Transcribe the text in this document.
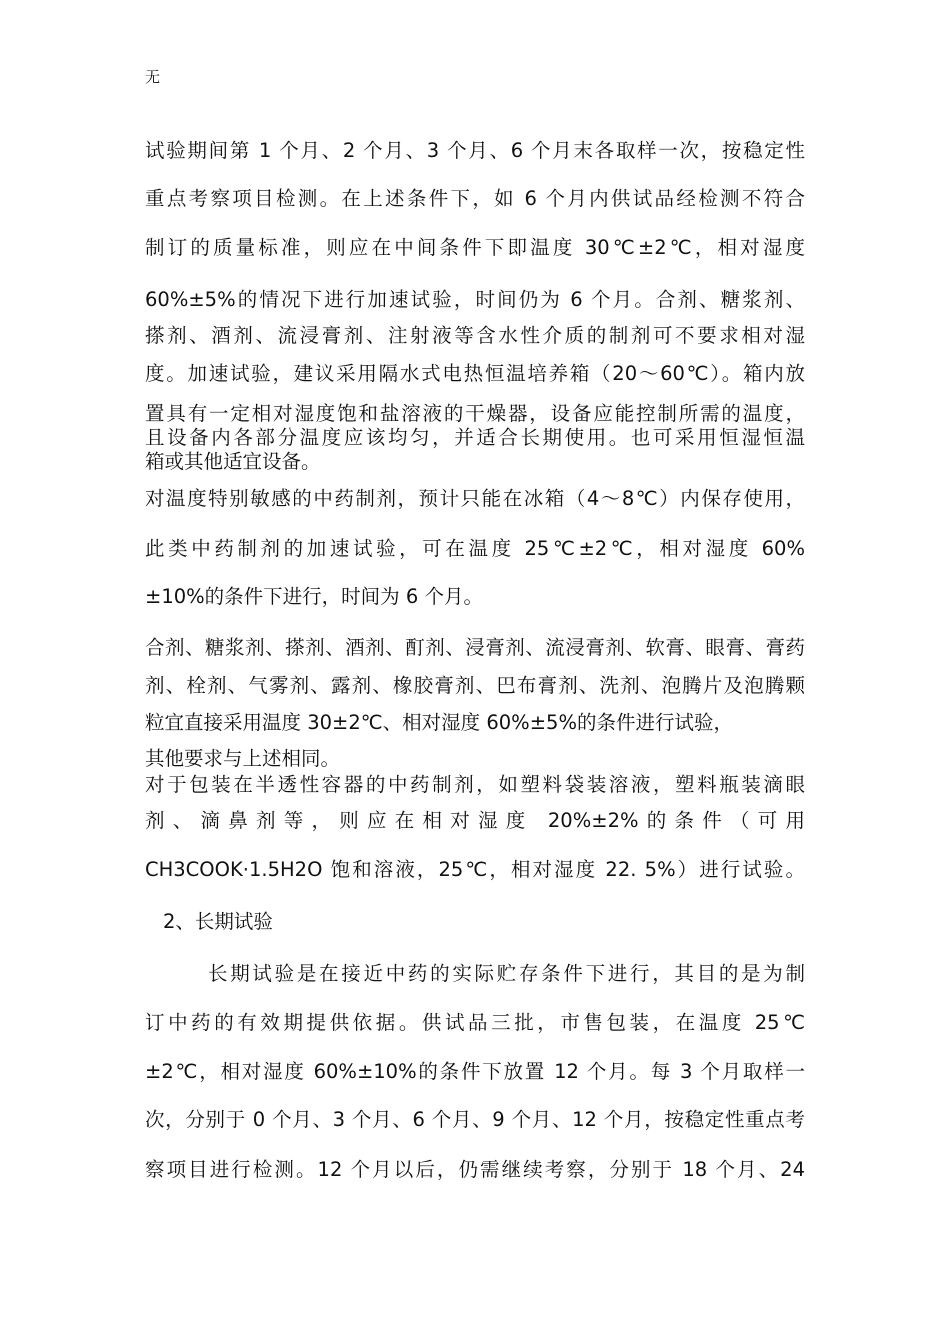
无
试验期间第 1 个月、2 个月、3 个月、6 个月末各取样一次，按稳定性
重点考察项目检测。在上述条件下，如 6 个月内供试品经检测不符合
制订的质量标准，则应在中间条件下即温度 30℃±2℃，相对湿度
60%±5%的情况下进行加速试验，时间仍为 6 个月。合剂、糖浆剂、
搽剂、酒剂、流浸膏剂、注射液等含水性介质的制剂可不要求相对湿
度。加速试验，建议采用隔水式电热恒温培养箱（20～60℃）。箱内放
置具有一定相对湿度饱和盐溶液的干燥器，设备应能控制所需的温度，
且设备内各部分温度应该均匀，并适合长期使用。也可采用恒湿恒温
箱或其他适宜设备。
对温度特别敏感的中药制剂，预计只能在冰箱（4～8℃）内保存使用，
此类中药制剂的加速试验，可在温度 25℃±2℃，相对湿度 60%
±10%的条件下进行，时间为 6 个月。
合剂、糖浆剂、搽剂、酒剂、酊剂、浸膏剂、流浸膏剂、软膏、眼膏、膏药
剂、栓剂、气雾剂、露剂、橡胶膏剂、巴布膏剂、洗剂、泡腾片及泡腾颗
粒宜直接采用温度 30±2℃、相对湿度 60%±5%的条件进行试验，
其他要求与上述相同。
对于包装在半透性容器的中药制剂，如塑料袋装溶液，塑料瓶装滴眼
剂、滴鼻剂等，则应在相对湿度 20%±2%的条件（可用
CH3COOK·1.5H2O 饱和溶液，25℃，相对湿度 22. 5%）进行试验。
2、长期试验
长期试验是在接近中药的实际贮存条件下进行，其目的是为制
订中药的有效期提供依据。供试品三批，市售包装，在温度 25℃
±2℃，相对湿度 60%±10%的条件下放置 12 个月。每 3 个月取样一
次，分别于 0 个月、3 个月、6 个月、9 个月、12 个月，按稳定性重点考
察项目进行检测。12 个月以后，仍需继续考察，分别于 18 个月、24
